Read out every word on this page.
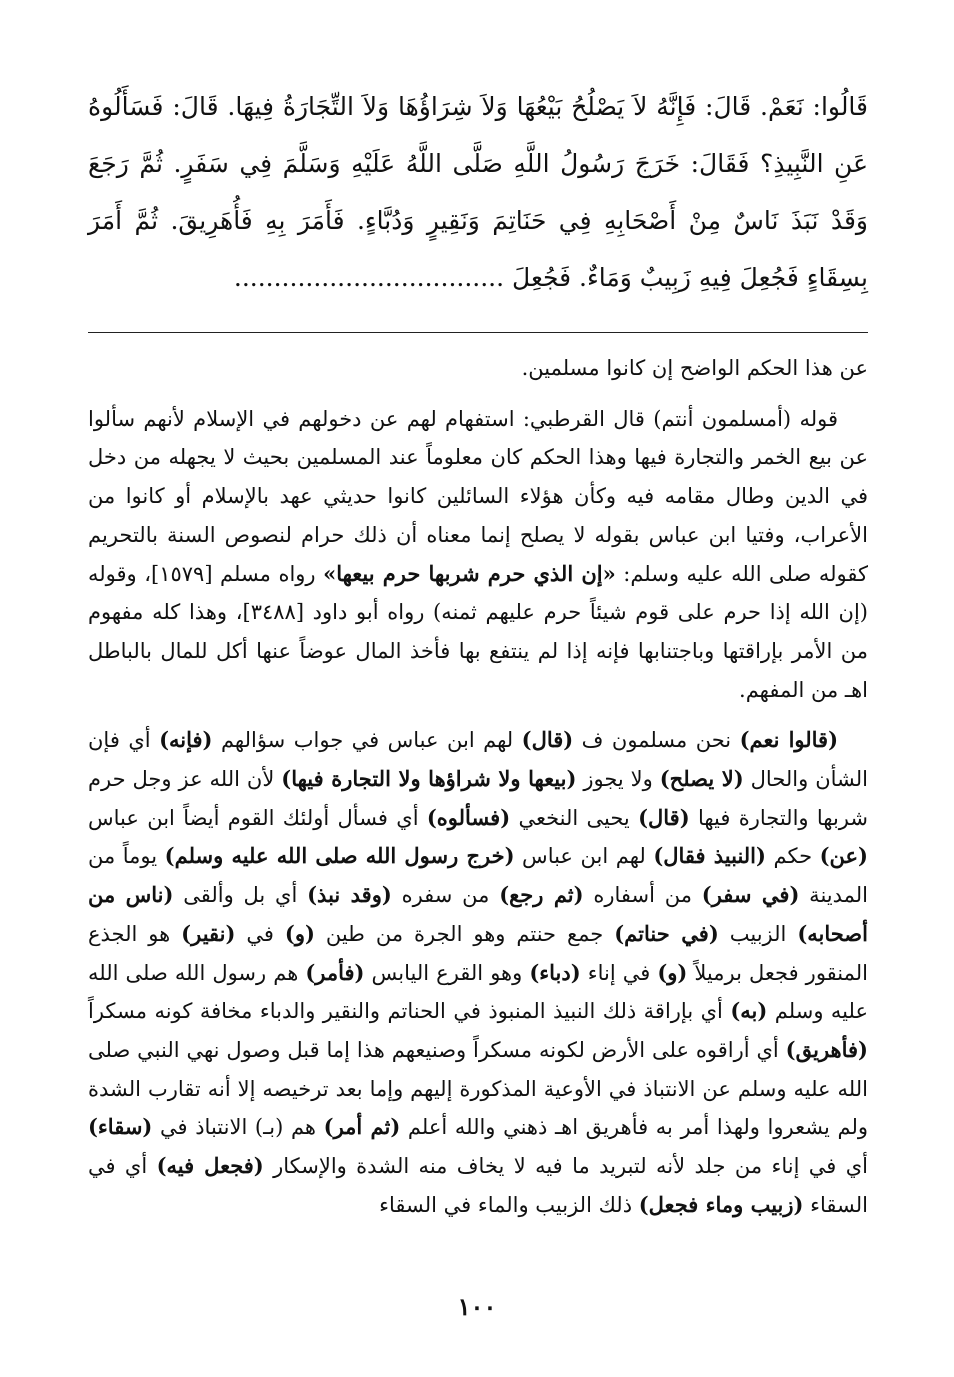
قَالُوا: نَعَمْ. قَالَ: فَإِنَّهُ لاَ يَصْلُحُ بَيْعُهَا وَلاَ شِرَاؤُهَا وَلاَ التِّجَارَةُ فِيهَا. قَالَ: فَسَأَلُوهُ عَنِ النَّبِيذِ؟ فَقَالَ: خَرَجَ رَسُولُ اللَّهِ صَلَّى اللَّهُ عَلَيْهِ وَسَلَّمَ فِي سَفَرٍ. ثُمَّ رَجَعَ وَقَدْ نَبَذَ نَاسٌ مِنْ أَصْحَابِهِ فِي حَنَاتِمَ وَنَقِيرٍ وَدُبَّاءٍ. فَأَمَرَ بِهِ فَأُهَرِيقَ. ثُمَّ أَمَرَ بِسِقَاءٍ فَجُعِلَ فِيهِ زَبِيبٌ وَمَاءٌ. فَجُعِلَ ..................................

عن هذا الحكم الواضح إن كانوا مسلمين.

قوله (أمسلمون أنتم) قال القرطبي: استفهام لهم عن دخولهم في الإسلام لأنهم سألوا عن بيع الخمر والتجارة فيها وهذا الحكم كان معلوماً عند المسلمين بحيث لا يجهله من دخل في الدين وطال مقامه فيه وكأن هؤلاء السائلين كانوا حديثي عهد بالإسلام أو كانوا من الأعراب، وفتيا ابن عباس بقوله لا يصلح إنما معناه أن ذلك حرام لنصوص السنة بالتحريم كقوله صلى الله عليه وسلم: «إن الذي حرم شربها حرم بيعها» رواه مسلم [١٥٧٩]، وقوله (إن الله إذا حرم على قوم شيئاً حرم عليهم ثمنه) رواه أبو داود [٣٤٨٨]، وهذا كله مفهوم من الأمر بإراقتها وباجتنابها فإنه إذا لم ينتفع بها فأخذ المال عوضاً عنها أكل للمال بالباطل اهـ من المفهم.

(قالوا نعم) نحن مسلمون ف (قال) لهم ابن عباس في جواب سؤالهم (فإنه) أي فإن الشأن والحال (لا يصلح) ولا يجوز (بيعها ولا شراؤها ولا التجارة فيها) لأن الله عز وجل حرم شربها والتجارة فيها (قال) يحيى النخعي (فسألوه) أي فسأل أولئك القوم أيضاً ابن عباس (عن) حكم (النبيذ فقال) لهم ابن عباس (خرج رسول الله صلى الله عليه وسلم) يوماً من المدينة (في سفر) من أسفاره (ثم رجع) من سفره (وقد نبذ) أي بل وألقى (ناس من أصحابه) الزبيب (في حناتم) جمع حنتم وهو الجرة من طين (و) في (نقير) هو الجذع المنقور فجعل برميلاً (و) في إناء (دباء) وهو القرع اليابس (فأمر) هم رسول الله صلى الله عليه وسلم (به) أي بإراقة ذلك النبيذ المنبوذ في الحناتم والنقير والدباء مخافة كونه مسكراً (فأهريق) أي أراقوه على الأرض لكونه مسكراً وصنيعهم هذا إما قبل وصول نهي النبي صلى الله عليه وسلم عن الانتباذ في الأوعية المذكورة إليهم وإما بعد ترخيصه إلا أنه تقارب الشدة ولم يشعروا ولهذا أمر به فأهريق اهـ ذهني والله أعلم (ثم أمر) هم (بـ) الانتباذ في (سقاء) أي في إناء من جلد لأنه لتبريد ما فيه لا يخاف منه الشدة والإسكار (فجعل فيه) أي في السقاء (زبيب وماء فجعل) ذلك الزبيب والماء في السقاء

١٠٠
